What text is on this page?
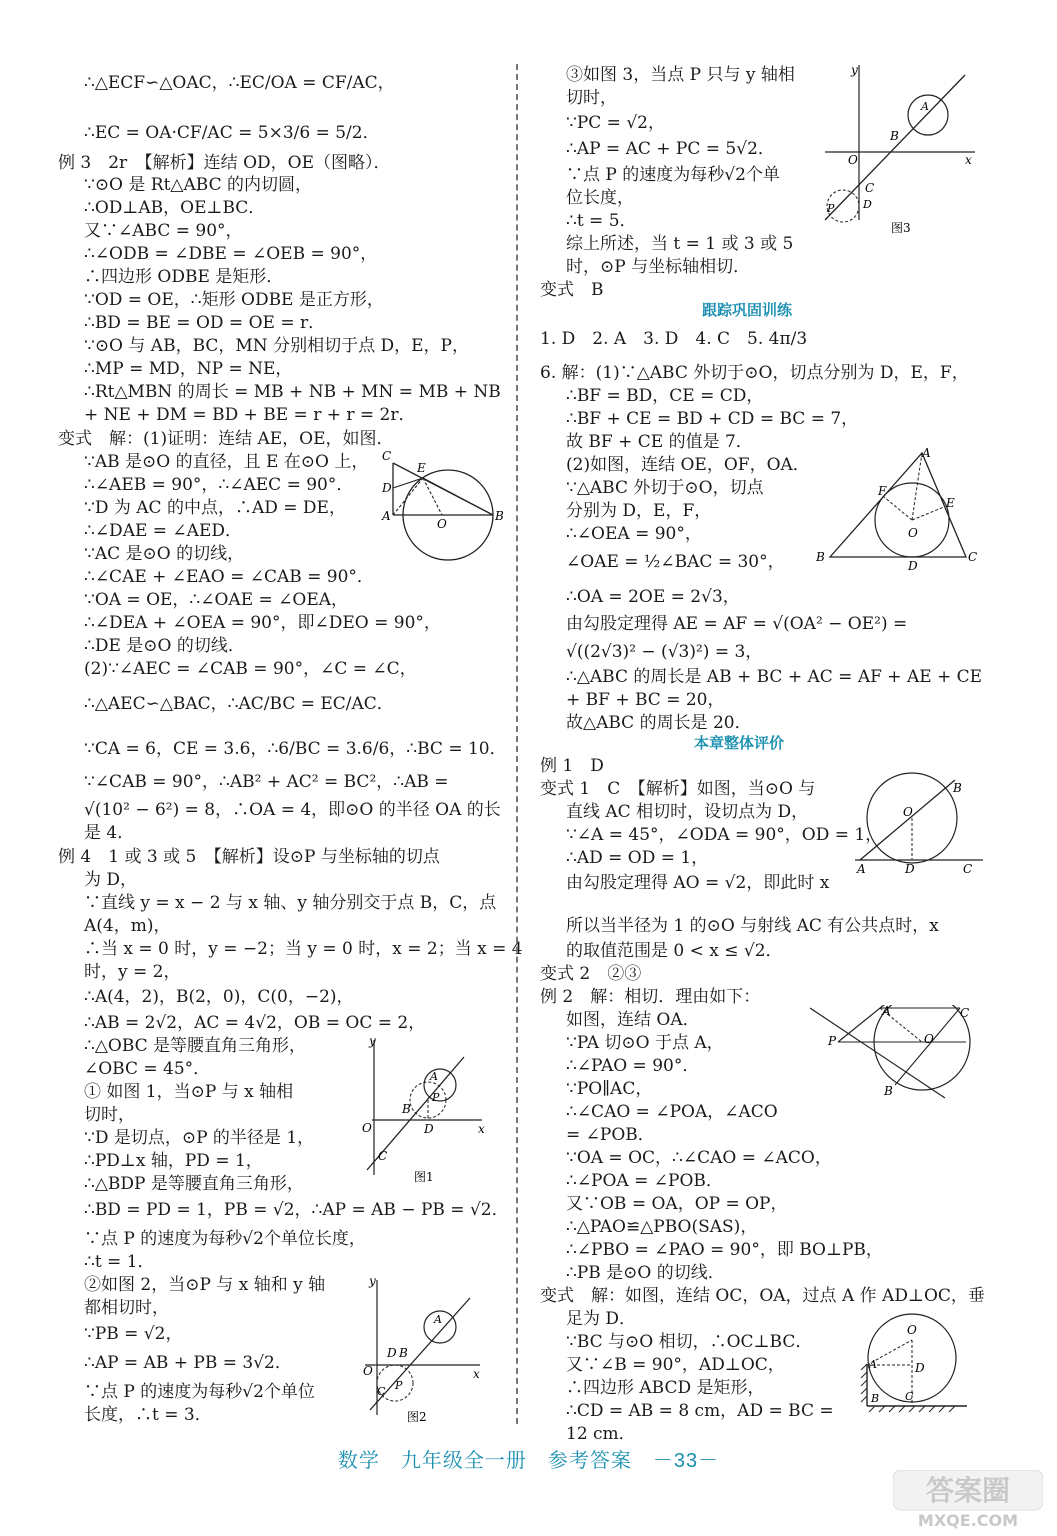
∴△ECF∽△OAC，∴EC/OA = CF/AC，
∴EC = OA·CF/AC = 5×3/6 = 5/2．
例 3　2r　【解析】连结 OD，OE（图略）．
∵⊙O 是 Rt△ABC 的内切圆，
∴OD⊥AB，OE⊥BC．
又∵∠ABC = 90°，
∴∠ODB = ∠DBE = ∠OEB = 90°，
∴四边形 ODBE 是矩形．
∵OD = OE，∴矩形 ODBE 是正方形，
∴BD = BE = OD = OE = r．
∵⊙O 与 AB，BC，MN 分别相切于点 D，E，P，
∴MP = MD，NP = NE，
∴Rt△MBN 的周长 = MB + NB + MN = MB + NB
+ NE + DM = BD + BE = r + r = 2r．
变式　解：(1)证明：连结 AE，OE，如图．
∵AB 是⊙O 的直径，且 E 在⊙O 上，
∴∠AEB = 90°，∴∠AEC = 90°．
∵D 为 AC 的中点，∴AD = DE，
∴∠DAE = ∠AED．
∵AC 是⊙O 的切线，
∴∠CAE + ∠EAO = ∠CAB = 90°．
∵OA = OE，∴∠OAE = ∠OEA，
∴∠DEA + ∠OEA = 90°，即∠DEO = 90°，
∴DE 是⊙O 的切线．
(2)∵∠AEC = ∠CAB = 90°，∠C = ∠C，
∴△AEC∽△BAC，∴AC/BC = EC/AC．
∵CA = 6，CE = 3.6，∴6/BC = 3.6/6，∴BC = 10．
∵∠CAB = 90°，∴AB² + AC² = BC²，∴AB =
√(10² − 6²) = 8，∴OA = 4，即⊙O 的半径 OA 的长
是 4．
例 4　1 或 3 或 5　【解析】设⊙P 与坐标轴的切点
为 D，
∵直线 y = x − 2 与 x 轴、y 轴分别交于点 B，C，点
A(4，m)，
∴当 x = 0 时，y = −2；当 y = 0 时，x = 2；当 x = 4
时，y = 2，
∴A(4，2)，B(2，0)，C(0，−2)，
∴AB = 2√2，AC = 4√2，OB = OC = 2，
∴△OBC 是等腰直角三角形，
∠OBC = 45°．
① 如图 1，当⊙P 与 x 轴相
切时，
∵D 是切点，⊙P 的半径是 1，
∴PD⊥x 轴，PD = 1，
∴△BDP 是等腰直角三角形，
∴BD = PD = 1，PB = √2，∴AP = AB − PB = √2．
∵点 P 的速度为每秒√2个单位长度，
∴t = 1．
②如图 2，当⊙P 与 x 轴和 y 轴
都相切时，
∵PB = √2，
∴AP = AB + PB = 3√2．
∵点 P 的速度为每秒√2个单位
长度，∴t = 3．
③如图 3，当点 P 只与 y 轴相
切时，
∵PC = √2，
∴AP = AC + PC = 5√2．
∵点 P 的速度为每秒√2个单
位长度，
∴t = 5．
综上所述，当 t = 1 或 3 或 5
时，⊙P 与坐标轴相切．
变式　B
1. D　2. A　3. D　4. C　5. 4π/3
6. 解：(1)∵△ABC 外切于⊙O，切点分别为 D，E，F，
∴BF = BD，CE = CD，
∴BF + CE = BD + CD = BC = 7，
故 BF + CE 的值是 7．
(2)如图，连结 OE，OF，OA．
∵△ABC 外切于⊙O，切点
分别为 D，E，F，
∴∠OEA = 90°，
∠OAE = ½∠BAC = 30°，
∴OA = 2OE = 2√3，
由勾股定理得 AE = AF = √(OA² − OE²) =
√((2√3)² − (√3)²) = 3，
∴△ABC 的周长是 AB + BC + AC = AF + AE + CE
+ BF + BC = 20，
故△ABC 的周长是 20．
例 1　D
变式 1　C　【解析】如图，当⊙O 与
直线 AC 相切时，设切点为 D，
∵∠A = 45°，∠ODA = 90°，OD = 1，
∴AD = OD = 1，
由勾股定理得 AO = √2，即此时 x
所以当半径为 1 的⊙O 与射线 AC 有公共点时，x
的取值范围是 0 < x ≤ √2．
变式 2　②③
例 2　解：相切．理由如下：
如图，连结 OA．
∵PA 切⊙O 于点 A，
∴∠PAO = 90°．
∵PO∥AC，
∴∠CAO = ∠POA，∠ACO
= ∠POB．
∵OA = OC，∴∠CAO = ∠ACO，
∴∠POA = ∠POB．
又∵OB = OA，OP = OP，
∴△PAO≌△PBO(SAS)，
∴∠PBO = ∠PAO = 90°，即 BO⊥PB，
∴PB 是⊙O 的切线．
变式　解：如图，连结 OC，OA，过点 A 作 AD⊥OC，垂
足为 D．
∵BC 与⊙O 相切，∴OC⊥BC．
又∵∠B = 90°，AD⊥OC，
∴四边形 ABCD 是矩形，
∴CD = AB = 8 cm，AD = BC =
12 cm．
跟踪巩固训练
本章整体评价
C
E
D
A
O
B
y
x
O
B
D
A
P
C
图1
y
x
O
D B
A
P
C
图2
y
x
O
B
A
C
D
P
图3
A
F
E
O
B
D
C
O
B
A	D	C
A	C
P	O
B
O
A	D
B C
数学　九年级全一册　参考答案　－33－
答案圈
MXQE.COM
